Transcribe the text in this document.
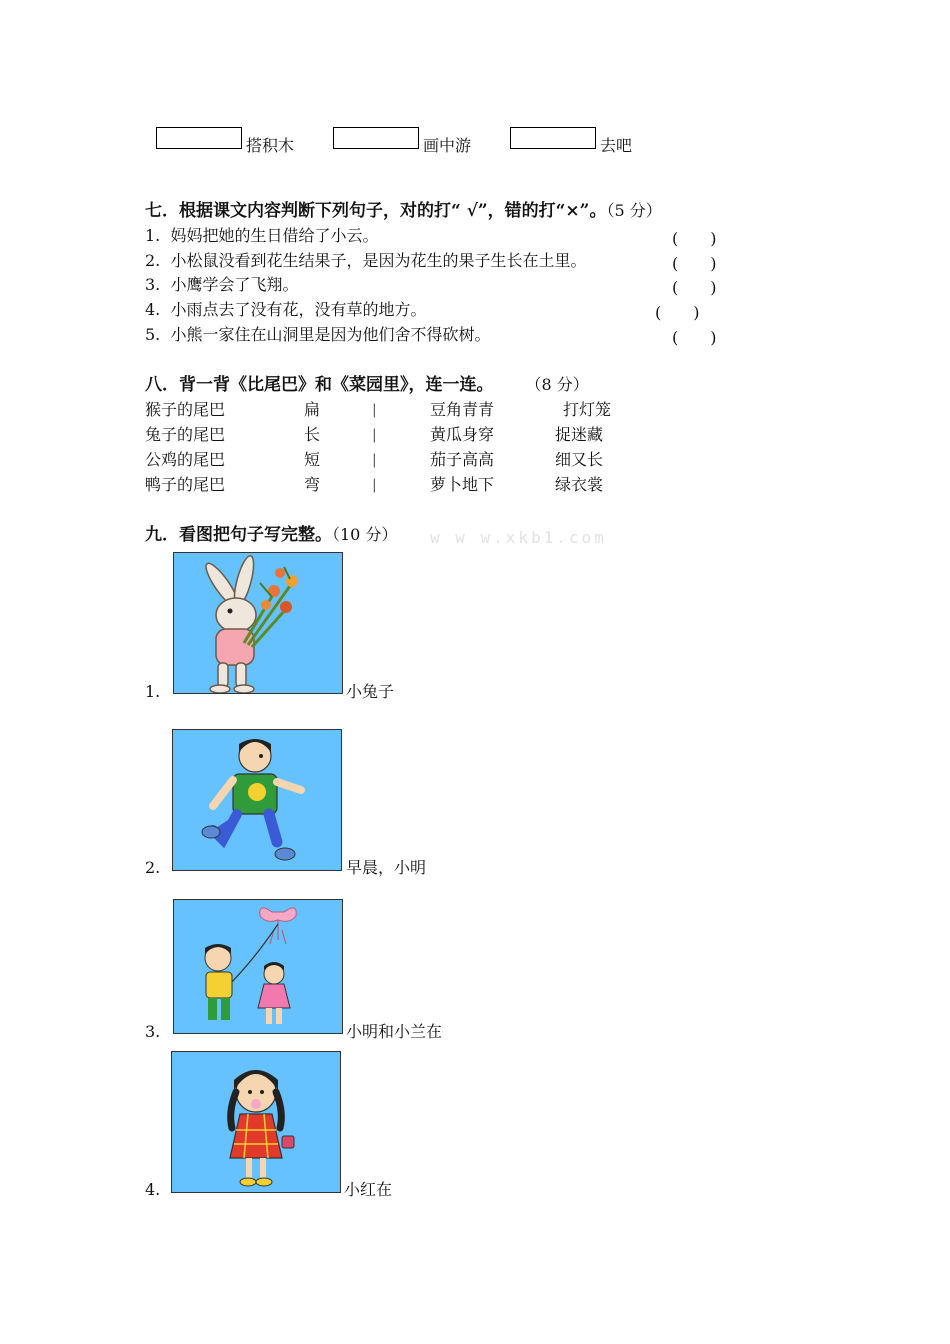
搭积木	画中游	去吧
七．根据课文内容判断下列句子，对的打“ √”，错的打“×”。（5 分）
1. 妈妈把她的生日借给了小云。	(　　)
2. 小松鼠没看到花生结果子，是因为花生的果子生长在土里。	(　　)
3. 小鹰学会了飞翔。	(　　)
4. 小雨点去了没有花，没有草的地方。	(　　)
5. 小熊一家住在山洞里是因为他们舍不得砍树。	(　　)
八．背一背《比尾巴》和《菜园里》，连一连。	（8 分）
猴子的尾巴	扁	|	豆角青青	打灯笼
兔子的尾巴	长	|	黄瓜身穿	捉迷藏
公鸡的尾巴	短	|	茄子高高	细又长
鸭子的尾巴	弯	|	萝卜地下	绿衣裳
九．看图把句子写完整。（10 分） w w w.xkb1.com
1.	小兔子
2.	早晨，小明
3.	小明和小兰在
4.	小红在
